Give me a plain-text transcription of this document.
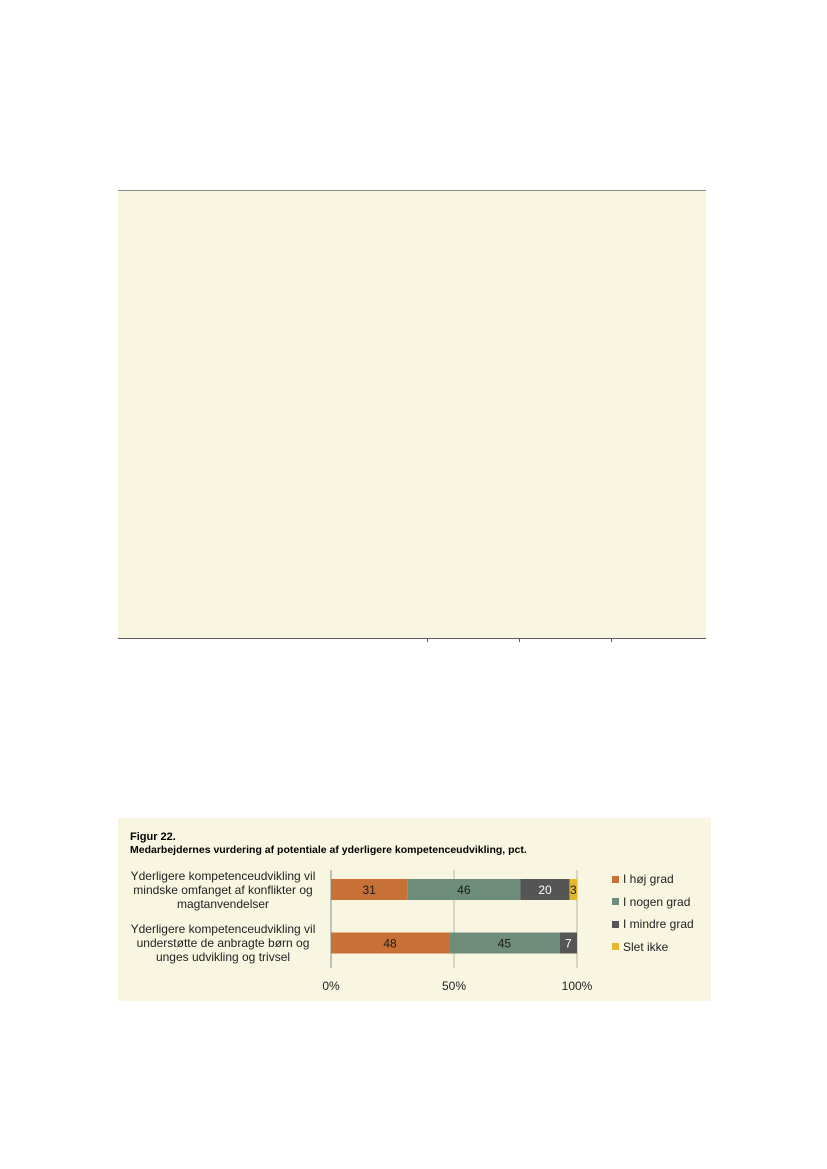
Figur 22.
Medarbejdernes vurdering af potentiale af yderligere kompetenceudvikling, pct.
31	46	20 3
48	45	7
0%	50%	100%
Yderligere kompetenceudvikling vil
mindske omfanget af konflikter og
magtanvendelser
Yderligere kompetenceudvikling vil
understøtte de anbragte børn og
unges udvikling og trivsel
I høj grad
I nogen grad
I mindre grad
Slet ikke
